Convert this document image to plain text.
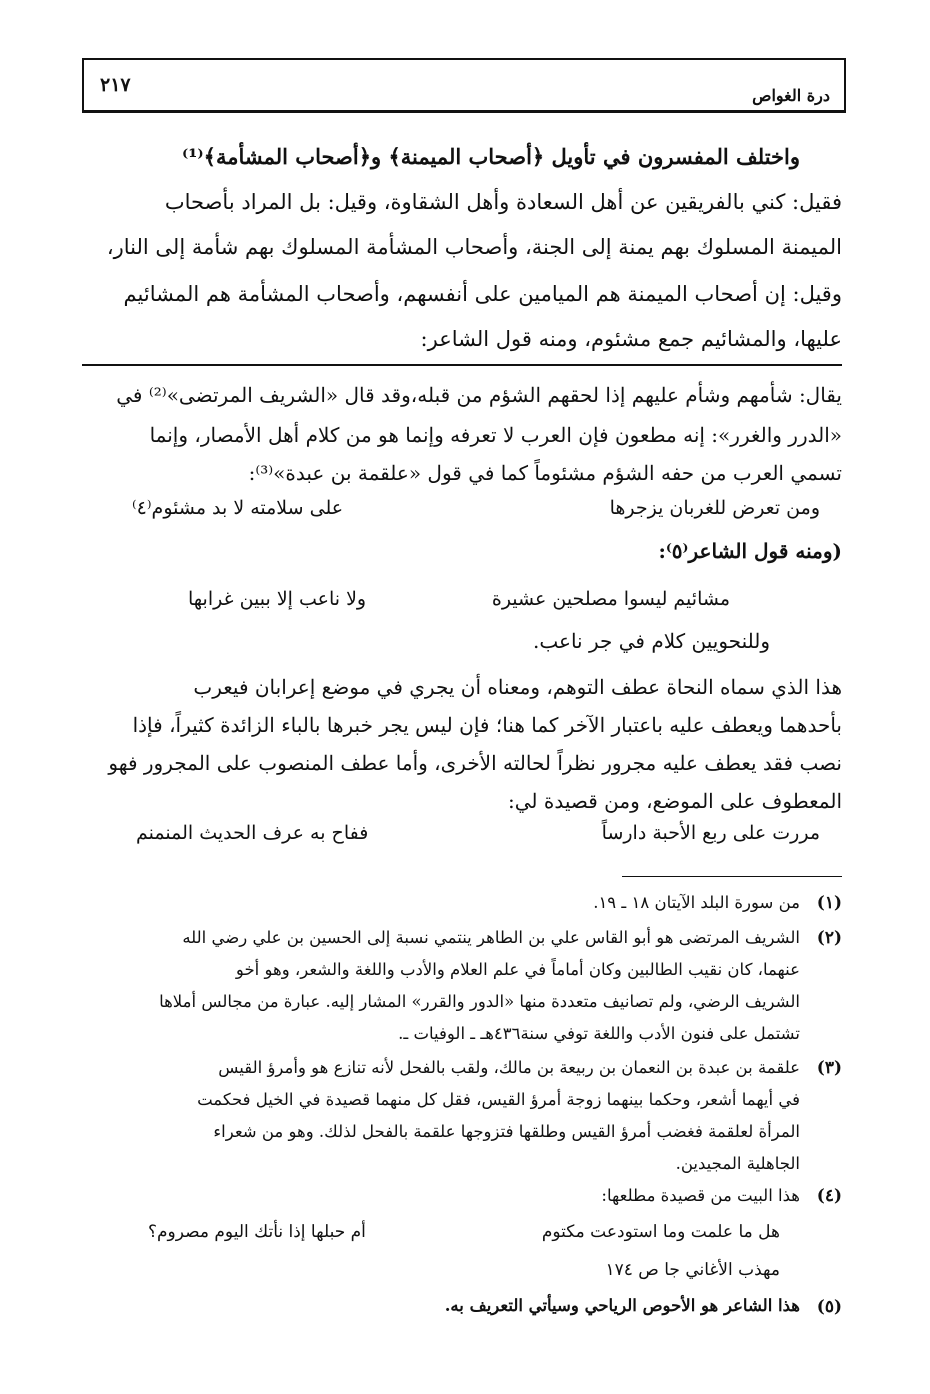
درة الغواص
٢١٧
واختلف المفسرون في تأويل ﴿أصحاب الميمنة﴾ و﴿أصحاب المشأمة﴾⁽¹⁾
فقيل: كني بالفريقين عن أهل السعادة وأهل الشقاوة، وقيل: بل المراد بأصحاب
الميمنة المسلوك بهم يمنة إلى الجنة، وأصحاب المشأمة المسلوك بهم شأمة إلى النار،
وقيل: إن أصحاب الميمنة هم الميامين على أنفسهم، وأصحاب المشأمة هم المشائيم
عليها، والمشائيم جمع مشئوم، ومنه قول الشاعر:
يقال: شأمهم وشأم عليهم إذا لحقهم الشؤم من قبله،وقد قال «الشريف المرتضى»⁽²⁾ في
«الدرر والغرر»: إنه مطعون فإن العرب لا تعرفه وإنما هو من كلام أهل الأمصار، وإنما
تسمي العرب من حفه الشؤم مشئوماً كما في قول «علقمة بن عبدة»⁽³⁾:
ومن تعرض للغربان يزجرها
على سلامته لا بد مشئوم⁽٤⁾
(ومنه قول الشاعر⁽٥⁾:
مشائيم ليسوا مصلحين عشيرة
ولا ناعب إلا ببين غرابها
وللنحويين كلام في جر ناعب.
هذا الذي سماه النحاة عطف التوهم، ومعناه أن يجري في موضع إعرابان فيعرب
بأحدهما ويعطف عليه باعتبار الآخر كما هنا؛ فإن ليس يجر خبرها بالباء الزائدة كثيراً، فإذا
نصب فقد يعطف عليه مجرور نظراً لحالته الأخرى، وأما عطف المنصوب على المجرور فهو
المعطوف على الموضع، ومن قصيدة لي:
مررت على ربع الأحبة دارساً
ففاح به عرف الحديث المنمنم
(١)
من سورة البلد الآيتان ١٨ ـ ١٩.
(٢)
الشريف المرتضى هو أبو القاس علي بن الطاهر ينتمي نسبة إلى الحسين بن علي رضي الله
عنهما، كان نقيب الطالبين وكان أماماً في علم العلام والأدب واللغة والشعر، وهو أخو
الشريف الرضي، ولم تصانيف متعددة منها «الدور والقرر» المشار إليه. عبارة من مجالس أملاها
تشتمل على فنون الأدب واللغة توفي سنة٤٣٦هـ ـ الوفيات ـ.
(٣)
علقمة بن عبدة بن النعمان بن ربيعة بن مالك، ولقب بالفحل لأنه تنازع هو وأمرؤ القيس
في أيهما أشعر، وحكما بينهما زوجة أمرؤ القيس، فقل كل منهما قصيدة في الخيل فحكمت
المرأة لعلقمة فغضب أمرؤ القيس وطلقها فتزوجها علقمة بالفحل لذلك. وهو من شعراء
الجاهلية المجيدين.
(٤)
هذا البيت من قصيدة مطلعها:
هل ما علمت وما استودعت مكتوم
أم حبلها إذا نأتك اليوم مصروم؟
مهذب الأغاني جا ص ١٧٤
(٥)
هذا الشاعر هو الأحوص الرياحي وسيأتي التعريف به.
